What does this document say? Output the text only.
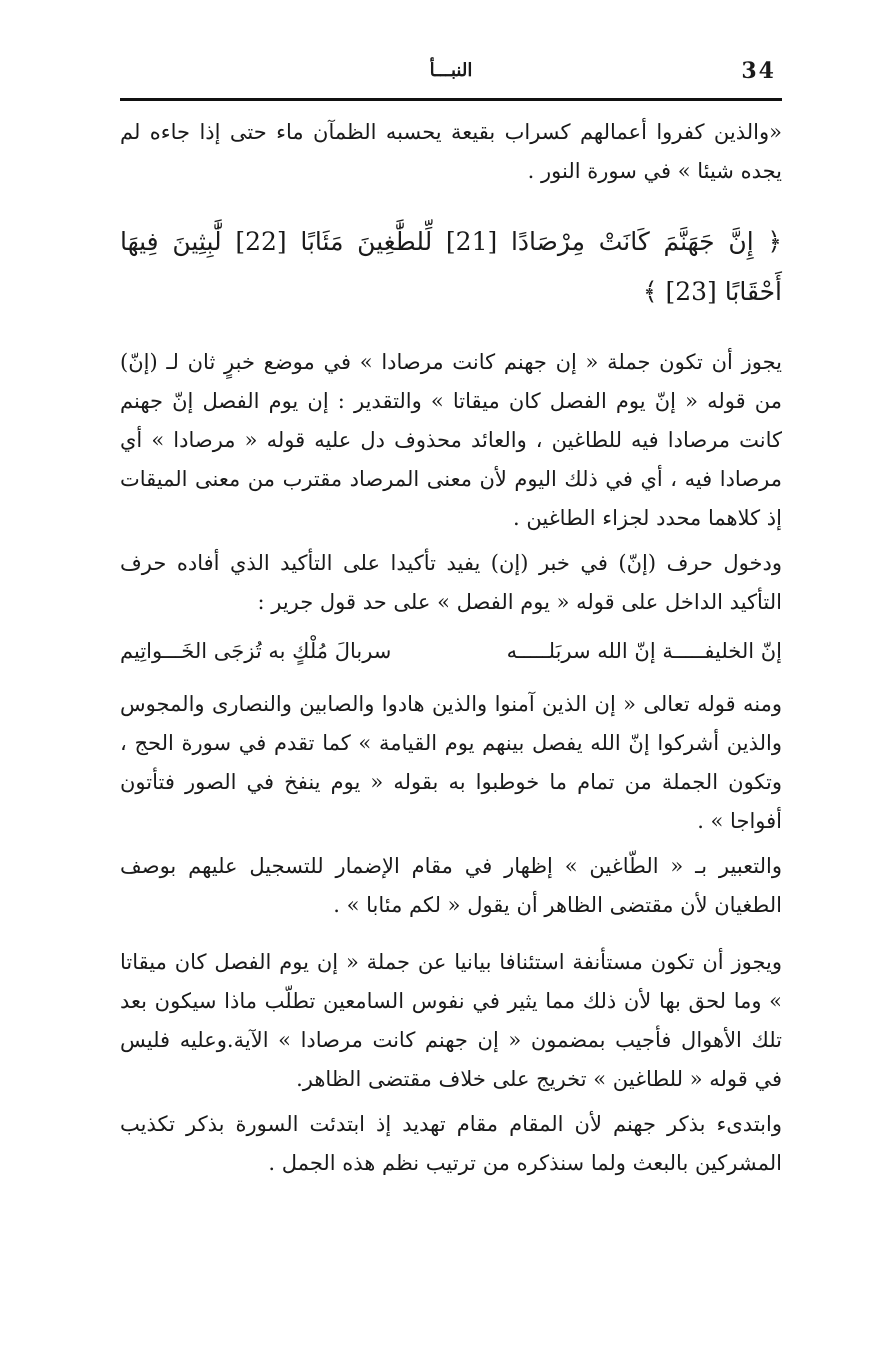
34
النبـــأ

«والذين كفروا أعمالهم كسراب بقيعة يحسبه الظمآن ماء حتى إذا جاءه لم يجده شيئا » في سورة النور .

﴿ إِنَّ جَهَنَّمَ كَانَتْ مِرْصَادًا [21] لِّلطَّٰغِينَ مَئَابًا [22] لَّٰبِثِينَ فِيهَا أَحْقَابًا [23] ﴾

يجوز أن تكون جملة « إن جهنم كانت مرصادا » في موضع خبرٍ ثان لـ (إنّ) من قوله « إنّ يوم الفصل كان ميقاتا » والتقدير : إن يوم الفصل إنّ جهنم كانت مرصادا فيه للطاغين ، والعائد محذوف دل عليه قوله « مرصادا » أي مرصادا فيه ، أي في ذلك اليوم لأن معنى المرصاد مقترب من معنى الميقات إذ كلاهما محدد لجزاء الطاغين .

ودخول حرف (إنّ) في خبر (إن) يفيد تأكيدا على التأكيد الذي أفاده حرف التأكيد الداخل على قوله « يوم الفصل » على حد قول جرير :

إنّ الخليفـــــة إنّ الله سربَلـــــه
سربالَ مُلْكٍ به تُزجَى الخَـــواتِيم

ومنه قوله تعالى « إن الذين آمنوا والذين هادوا والصابين والنصارى والمجوس والذين أشركوا إنّ الله يفصل بينهم يوم القيامة » كما تقدم في سورة الحج ، وتكون الجملة من تمام ما خوطبوا به بقوله « يوم ينفخ في الصور فتأتون أفواجا » .

والتعبير بـ « الطّاغين » إظهار في مقام الإضمار للتسجيل عليهم بوصف الطغيان لأن مقتضى الظاهر أن يقول « لكم مئابا » .

ويجوز أن تكون مستأنفة استئنافا بيانيا عن جملة « إن يوم الفصل كان ميقاتا » وما لحق بها لأن ذلك مما يثير في نفوس السامعين تطلّب ماذا سيكون بعد تلك الأهوال فأجيب بمضمون « إن جهنم كانت مرصادا » الآية.وعليه فليس في قوله « للطاغين » تخريج على خلاف مقتضى الظاهر.

وابتدىء بذكر جهنم لأن المقام مقام تهديد إذ ابتدئت السورة بذكر تكذيب المشركين بالبعث ولما سنذكره من ترتيب نظم هذه الجمل .
